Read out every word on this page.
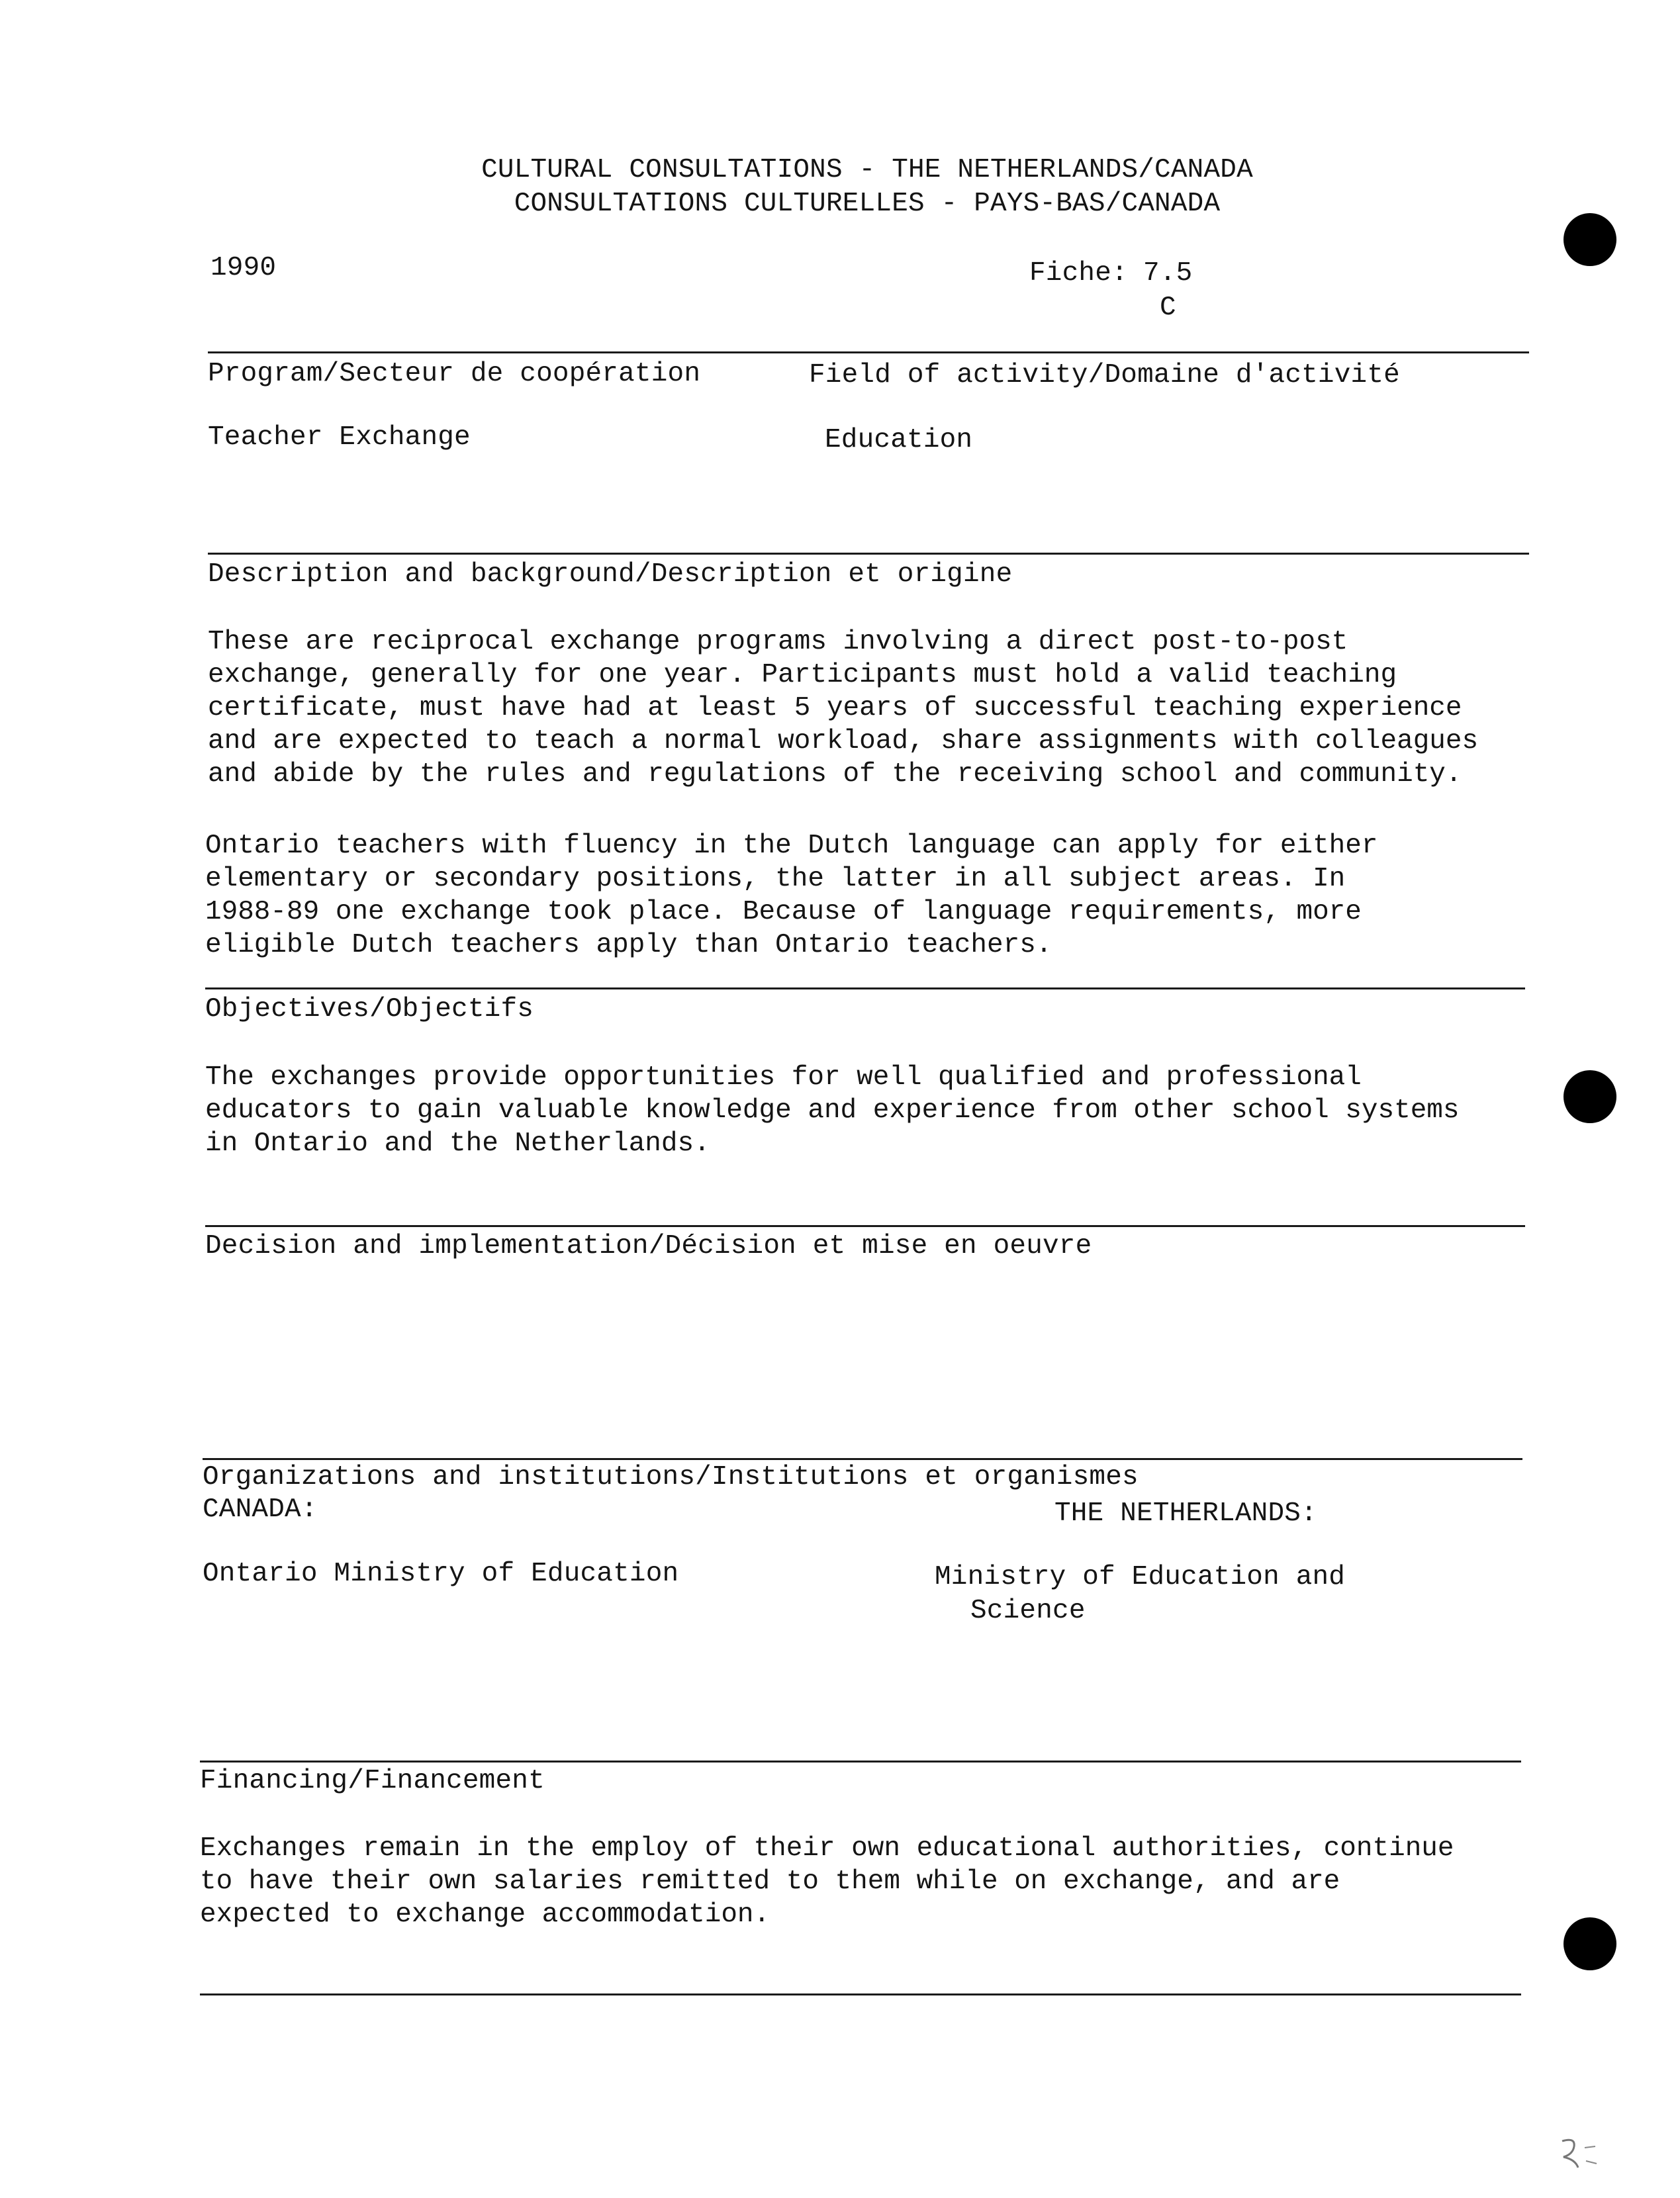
CULTURAL CONSULTATIONS - THE NETHERLANDS/CANADA
CONSULTATIONS CULTURELLES - PAYS-BAS/CANADA
1990	Fiche: 7.5
C
Program/Secteur de coopération	Field of activity/Domaine d'activité
Teacher Exchange	Education
Description and background/Description et origine
These are reciprocal exchange programs involving a direct post-to-post
exchange, generally for one year. Participants must hold a valid teaching
certificate, must have had at least 5 years of successful teaching experience
and are expected to teach a normal workload, share assignments with colleagues
and abide by the rules and regulations of the receiving school and community.
Ontario teachers with fluency in the Dutch language can apply for either
elementary or secondary positions, the latter in all subject areas. In
1988-89 one exchange took place. Because of language requirements, more
eligible Dutch teachers apply than Ontario teachers.
Objectives/Objectifs
The exchanges provide opportunities for well qualified and professional
educators to gain valuable knowledge and experience from other school systems
in Ontario and the Netherlands.
Decision and implementation/Décision et mise en oeuvre
Organizations and institutions/Institutions et organismes
CANADA:	THE NETHERLANDS:
Ontario Ministry of Education	Ministry of Education and
Science
Financing/Financement
Exchanges remain in the employ of their own educational authorities, continue
to have their own salaries remitted to them while on exchange, and are
expected to exchange accommodation.
